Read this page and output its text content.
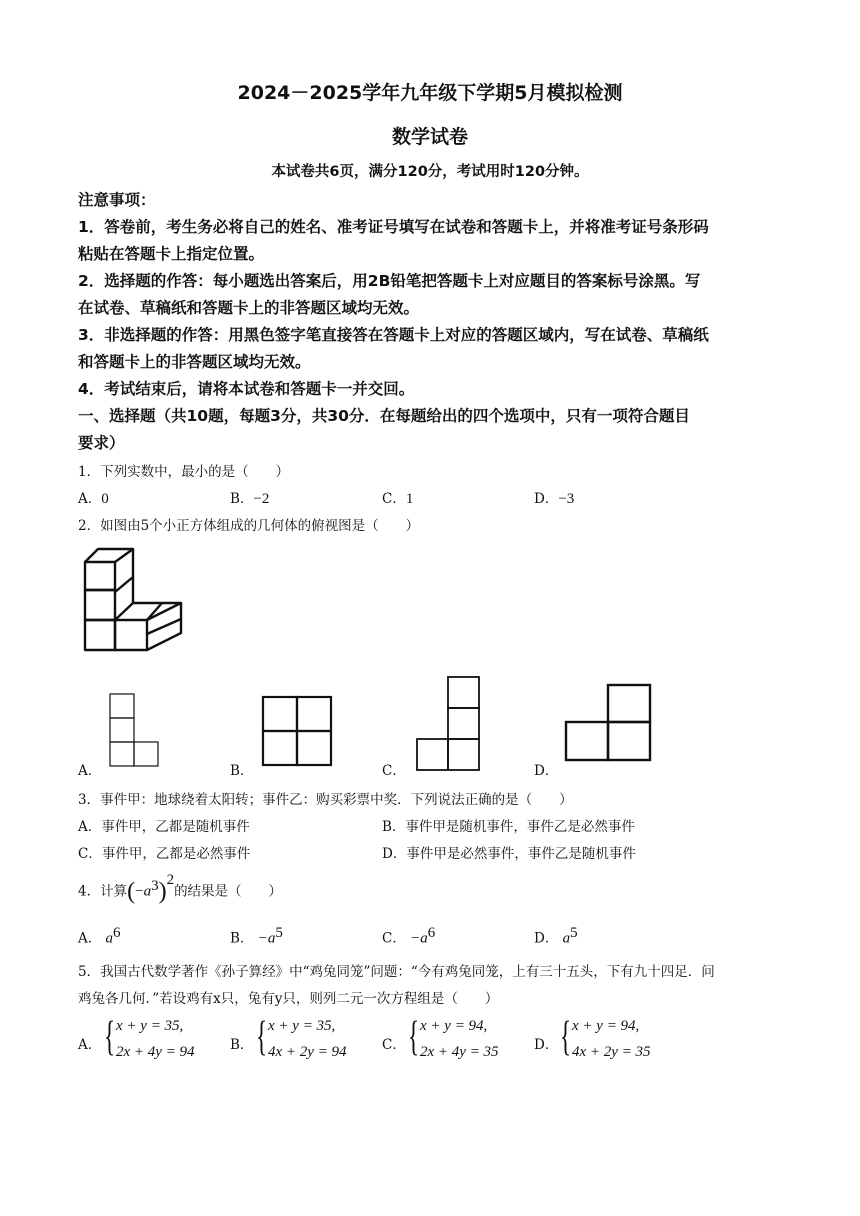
2024－2025学年九年级下学期5月模拟检测
数学试卷
本试卷共6页，满分120分，考试用时120分钟。
注意事项：
1．答卷前，考生务必将自己的姓名、准考证号填写在试卷和答题卡上，并将准考证号条形码
粘贴在答题卡上指定位置。
2．选择题的作答：每小题选出答案后，用2B铅笔把答题卡上对应题目的答案标号涂黑。写
在试卷、草稿纸和答题卡上的非答题区域均无效。
3．非选择题的作答：用黑色签字笔直接答在答题卡上对应的答题区域内，写在试卷、草稿纸
和答题卡上的非答题区域均无效。
4．考试结束后，请将本试卷和答题卡一并交回。
一、选择题（共10题，每题3分，共30分．在每题给出的四个选项中，只有一项符合题目
要求）
1．下列实数中，最小的是（　　）
A．0	B．−2	C．1	D．−3
2．如图由5个小正方体组成的几何体的俯视图是（　　）
A．	B．	C．	D．
3．事件甲：地球绕着太阳转；事件乙：购买彩票中奖．下列说法正确的是（　　）
A．事件甲，乙都是随机事件	B．事件甲是随机事件，事件乙是必然事件
C．事件甲，乙都是必然事件	D．事件甲是必然事件，事件乙是随机事件
4．计算$(-a^3)^2$的结果是（　　）
A． $a^6$	B． $-a^5$	C． $-a^6$	D． $a^5$
5．我国古代数学著作《孙子算经》中“鸡兔同笼”问题：“今有鸡兔同笼，上有三十五头，下有九十四足．问
鸡兔各几何．”若设鸡有x只，兔有y只，则列二元一次方程组是（　　）
A． { x + y = 35,
2x + 4y = 94	B． { x + y = 35,
4x + 2y = 94	C． { x + y = 94,
2x + 4y = 35	D． { x + y = 94,
4x + 2y = 35
